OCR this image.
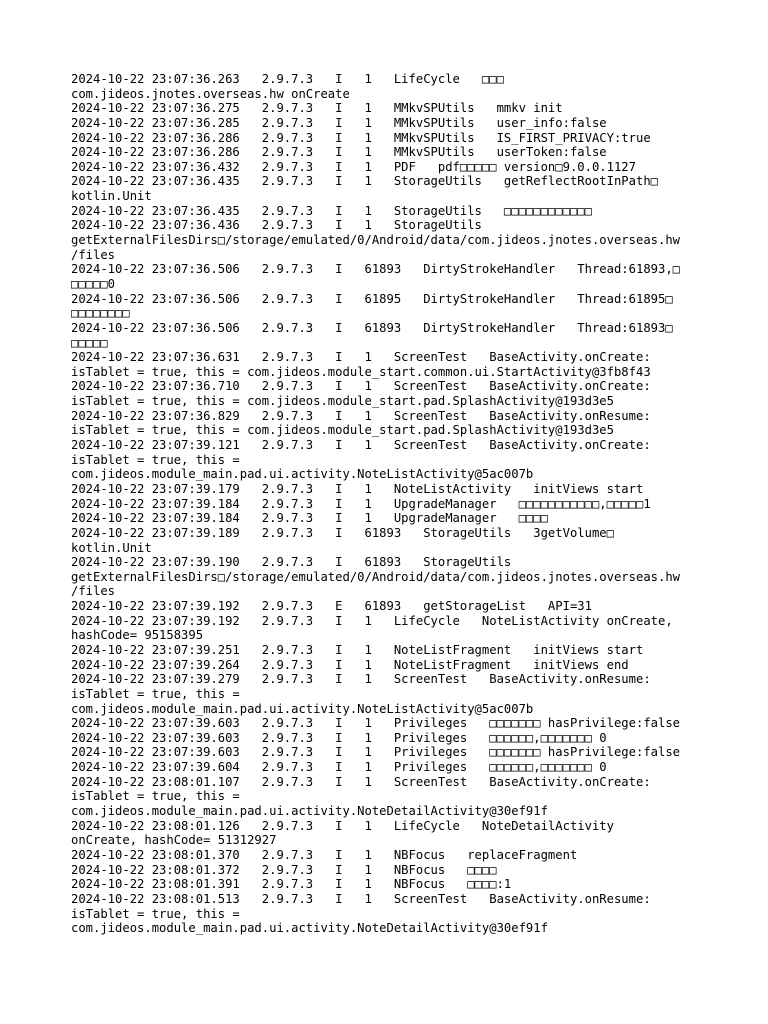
2024-10-22 23:07:36.263   2.9.7.3   I   1   LifeCycle   □□□
com.jideos.jnotes.overseas.hw onCreate
2024-10-22 23:07:36.275   2.9.7.3   I   1   MMkvSPUtils   mmkv init
2024-10-22 23:07:36.285   2.9.7.3   I   1   MMkvSPUtils   user_info:false
2024-10-22 23:07:36.286   2.9.7.3   I   1   MMkvSPUtils   IS_FIRST_PRIVACY:true
2024-10-22 23:07:36.286   2.9.7.3   I   1   MMkvSPUtils   userToken:false
2024-10-22 23:07:36.432   2.9.7.3   I   1   PDF   pdf□□□□□ version□9.0.0.1127
2024-10-22 23:07:36.435   2.9.7.3   I   1   StorageUtils   getReflectRootInPath□
kotlin.Unit
2024-10-22 23:07:36.435   2.9.7.3   I   1   StorageUtils   □□□□□□□□□□□□
2024-10-22 23:07:36.436   2.9.7.3   I   1   StorageUtils
getExternalFilesDirs□/storage/emulated/0/Android/data/com.jideos.jnotes.overseas.hw
/files
2024-10-22 23:07:36.506   2.9.7.3   I   61893   DirtyStrokeHandler   Thread:61893,□
□□□□□0
2024-10-22 23:07:36.506   2.9.7.3   I   61895   DirtyStrokeHandler   Thread:61895□
□□□□□□□□
2024-10-22 23:07:36.506   2.9.7.3   I   61893   DirtyStrokeHandler   Thread:61893□
□□□□□
2024-10-22 23:07:36.631   2.9.7.3   I   1   ScreenTest   BaseActivity.onCreate:
isTablet = true, this = com.jideos.module_start.common.ui.StartActivity@3fb8f43
2024-10-22 23:07:36.710   2.9.7.3   I   1   ScreenTest   BaseActivity.onCreate:
isTablet = true, this = com.jideos.module_start.pad.SplashActivity@193d3e5
2024-10-22 23:07:36.829   2.9.7.3   I   1   ScreenTest   BaseActivity.onResume:
isTablet = true, this = com.jideos.module_start.pad.SplashActivity@193d3e5
2024-10-22 23:07:39.121   2.9.7.3   I   1   ScreenTest   BaseActivity.onCreate:
isTablet = true, this =
com.jideos.module_main.pad.ui.activity.NoteListActivity@5ac007b
2024-10-22 23:07:39.179   2.9.7.3   I   1   NoteListActivity   initViews start
2024-10-22 23:07:39.184   2.9.7.3   I   1   UpgradeManager   □□□□□□□□□□□,□□□□□1
2024-10-22 23:07:39.184   2.9.7.3   I   1   UpgradeManager   □□□□
2024-10-22 23:07:39.189   2.9.7.3   I   61893   StorageUtils   3getVolume□
kotlin.Unit
2024-10-22 23:07:39.190   2.9.7.3   I   61893   StorageUtils
getExternalFilesDirs□/storage/emulated/0/Android/data/com.jideos.jnotes.overseas.hw
/files
2024-10-22 23:07:39.192   2.9.7.3   E   61893   getStorageList   API=31
2024-10-22 23:07:39.192   2.9.7.3   I   1   LifeCycle   NoteListActivity onCreate,
hashCode= 95158395
2024-10-22 23:07:39.251   2.9.7.3   I   1   NoteListFragment   initViews start
2024-10-22 23:07:39.264   2.9.7.3   I   1   NoteListFragment   initViews end
2024-10-22 23:07:39.279   2.9.7.3   I   1   ScreenTest   BaseActivity.onResume:
isTablet = true, this =
com.jideos.module_main.pad.ui.activity.NoteListActivity@5ac007b
2024-10-22 23:07:39.603   2.9.7.3   I   1   Privileges   □□□□□□□ hasPrivilege:false
2024-10-22 23:07:39.603   2.9.7.3   I   1   Privileges   □□□□□□,□□□□□□□ 0
2024-10-22 23:07:39.603   2.9.7.3   I   1   Privileges   □□□□□□□ hasPrivilege:false
2024-10-22 23:07:39.604   2.9.7.3   I   1   Privileges   □□□□□□,□□□□□□□ 0
2024-10-22 23:08:01.107   2.9.7.3   I   1   ScreenTest   BaseActivity.onCreate:
isTablet = true, this =
com.jideos.module_main.pad.ui.activity.NoteDetailActivity@30ef91f
2024-10-22 23:08:01.126   2.9.7.3   I   1   LifeCycle   NoteDetailActivity
onCreate, hashCode= 51312927
2024-10-22 23:08:01.370   2.9.7.3   I   1   NBFocus   replaceFragment
2024-10-22 23:08:01.372   2.9.7.3   I   1   NBFocus   □□□□
2024-10-22 23:08:01.391   2.9.7.3   I   1   NBFocus   □□□□:1
2024-10-22 23:08:01.513   2.9.7.3   I   1   ScreenTest   BaseActivity.onResume:
isTablet = true, this =
com.jideos.module_main.pad.ui.activity.NoteDetailActivity@30ef91f
